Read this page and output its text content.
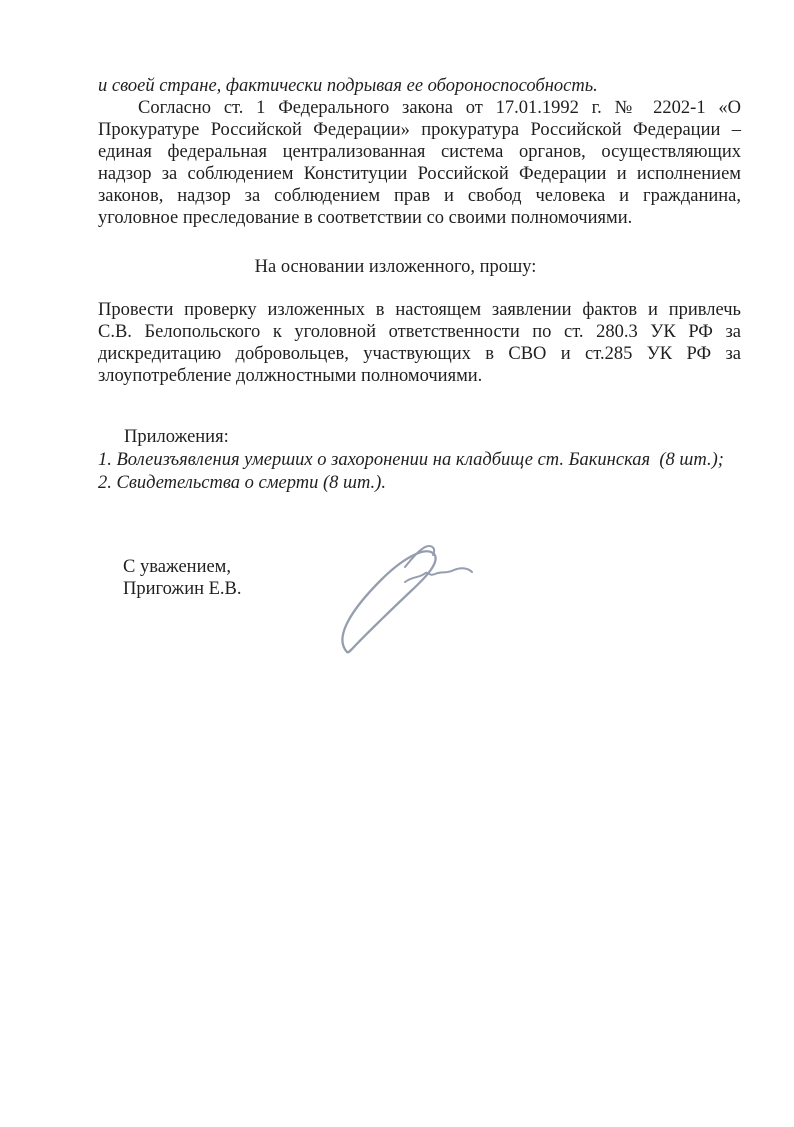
и своей стране, фактически подрывая ее обороноспособность.
Согласно ст. 1 Федерального закона от 17.01.1992 г. № 2202-1 «О
Прокуратуре Российской Федерации» прокуратура Российской Федерации –
единая федеральная централизованная система органов, осуществляющих
надзор за соблюдением Конституции Российской Федерации и исполнением
законов, надзор за соблюдением прав и свобод человека и гражданина,
уголовное преследование в соответствии со своими полномочиями.
На основании изложенного, прошу:
Провести проверку изложенных в настоящем заявлении фактов и привлечь
С.В. Белопольского к уголовной ответственности по ст. 280.3 УК РФ за
дискредитацию добровольцев, участвующих в СВО и ст.285 УК РФ за
злоупотребление должностными полномочиями.
Приложения:
1. Волеизъявления умерших о захоронении на кладбище ст. Бакинская  (8 шт.);
2. Свидетельства о смерти (8 шт.).
С уважением,
Пригожин Е.В.
